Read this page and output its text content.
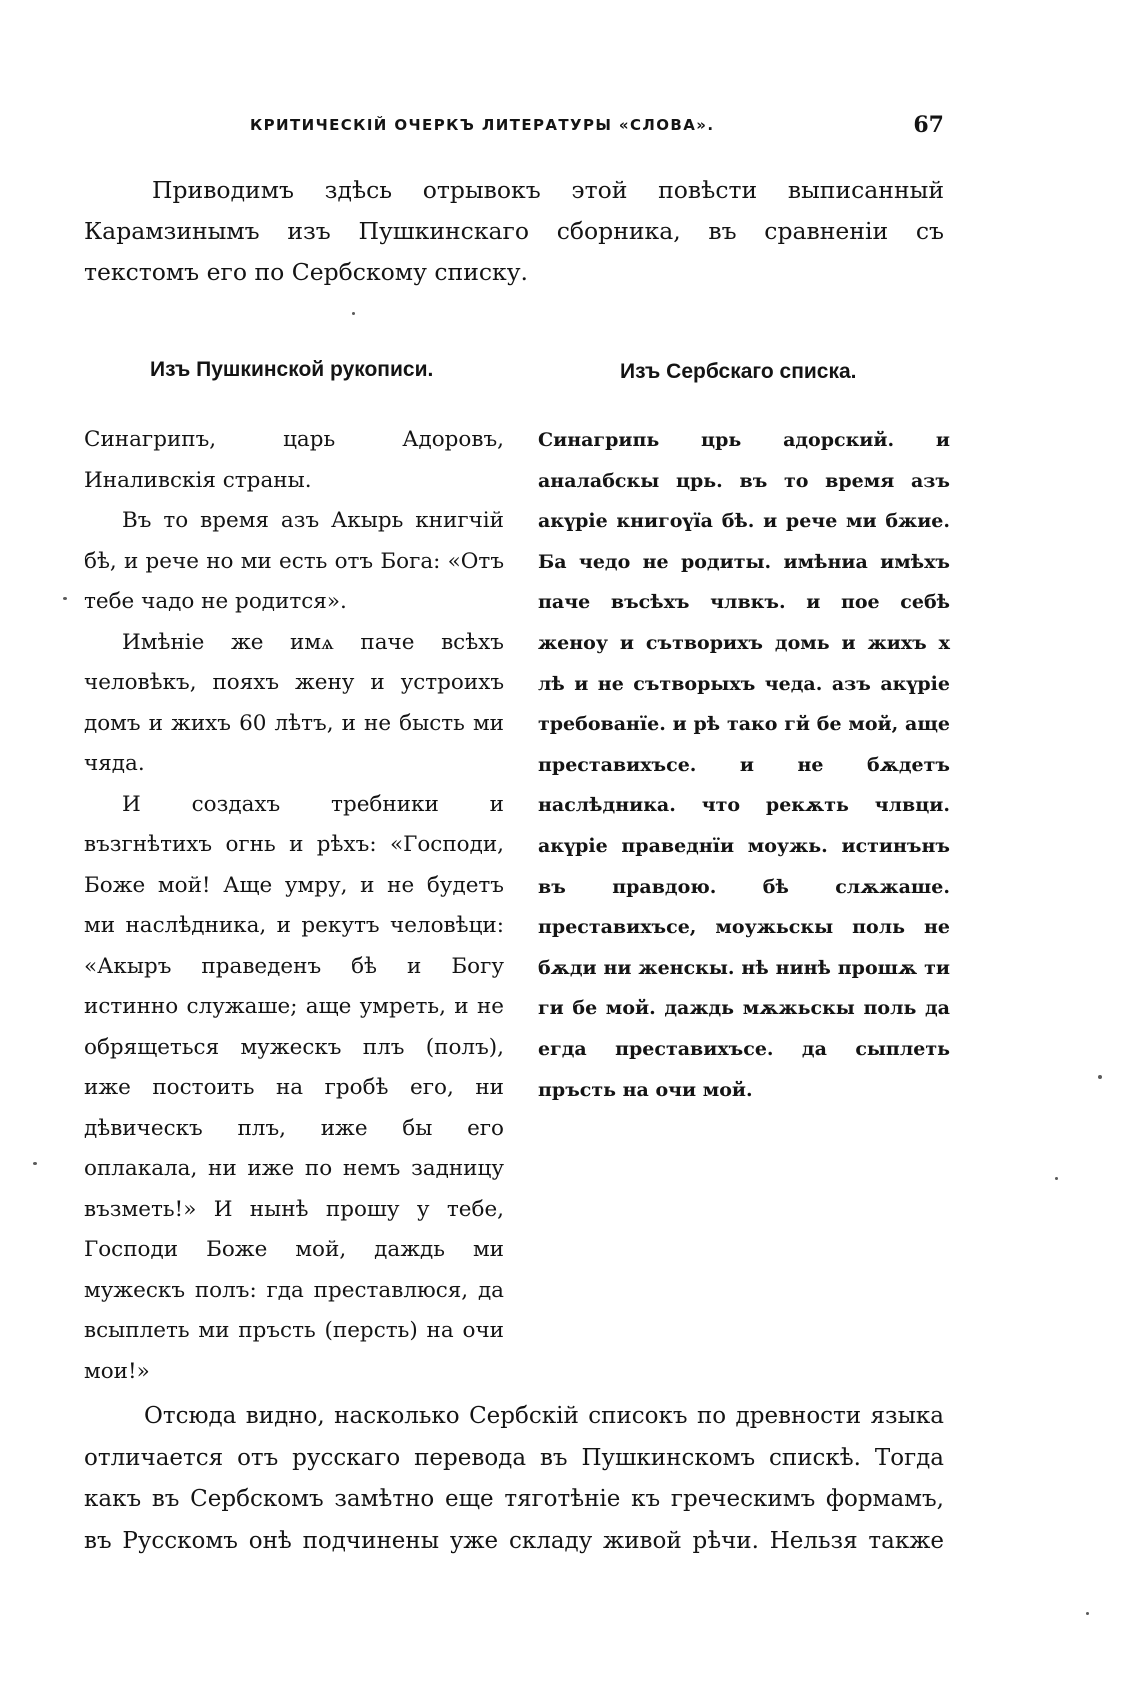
КРИТИЧЕСКІЙ ОЧЕРКЪ ЛИТЕРАТУРЫ «СЛОВА».	67

Приводимъ здѣсь отрывокъ этой повѣсти выписанный Карамзинымъ изъ Пушкинскаго сборника, въ сравненіи съ текстомъ его по Сербскому списку.

Изъ Пушкинской рукописи.	Изъ Сербскаго списка.

Синагрипъ, царь Адоровъ, Иналивскія страны.

Въ то время азъ Акырь книгчій бѣ, и рече но ми есть отъ Бога: «Отъ тебе чадо не родится».

Имѣніе же имѧ паче всѣхъ человѣкъ, пояхъ жену и устроихъ домъ и жихъ 60 лѣтъ, и не бысть ми чяда.

И создахъ требники и възгнѣтихъ огнь и рѣхъ: «Господи, Боже мой! Аще умру, и не будетъ ми наслѣдника, и рекутъ человѣци: «Акыръ праведенъ бѣ и Богу истинно служаше; аще умреть, и не обрящеться мужескъ плъ (полъ), иже постоить на гробѣ его, ни дѣвическъ плъ, иже бы его оплакала, ни иже по немъ задницу възметь!» И нынѣ прошу у тебе, Господи Боже мой, даждь ми мужескъ полъ: гда преставлюся, да всыплеть ми пръсть (персть) на очи мои!»

Синагрипь црь адорский. и аналабскы црь. въ то время азъ акүріе книгоүїа бѣ. и рече ми бжие. Ба чедо не родиты. имѣниа имѣхъ паче въсѣхъ члвкъ. и пое себѣ женоу и сътворихъ домь и жихъ х лѣ и не сътворыхъ чеда. азъ акүріе требованїе. и рѣ тако гй бе мой, аще преставихъсе. и не бѫдетъ наслѣдника. что рекѫть члвци. акүріе праведнїи моужь. истинънъ въ правдою. бѣ слѫжаше. преставихъсе, моужьскы поль не бѫди ни женскы. нѣ нинѣ прошѫ ти ги бе мой. даждь мѫжьскы поль да егда преставихъсе. да сыплеть пръсть на очи мой.

Отсюда видно, насколько Сербскій списокъ по древности языка отличается отъ русскаго перевода въ Пушкинскомъ спискѣ. Тогда какъ въ Сербскомъ замѣтно еще тяготѣніе къ греческимъ формамъ, въ Русскомъ онѣ подчинены уже складу живой рѣчи. Нельзя также
